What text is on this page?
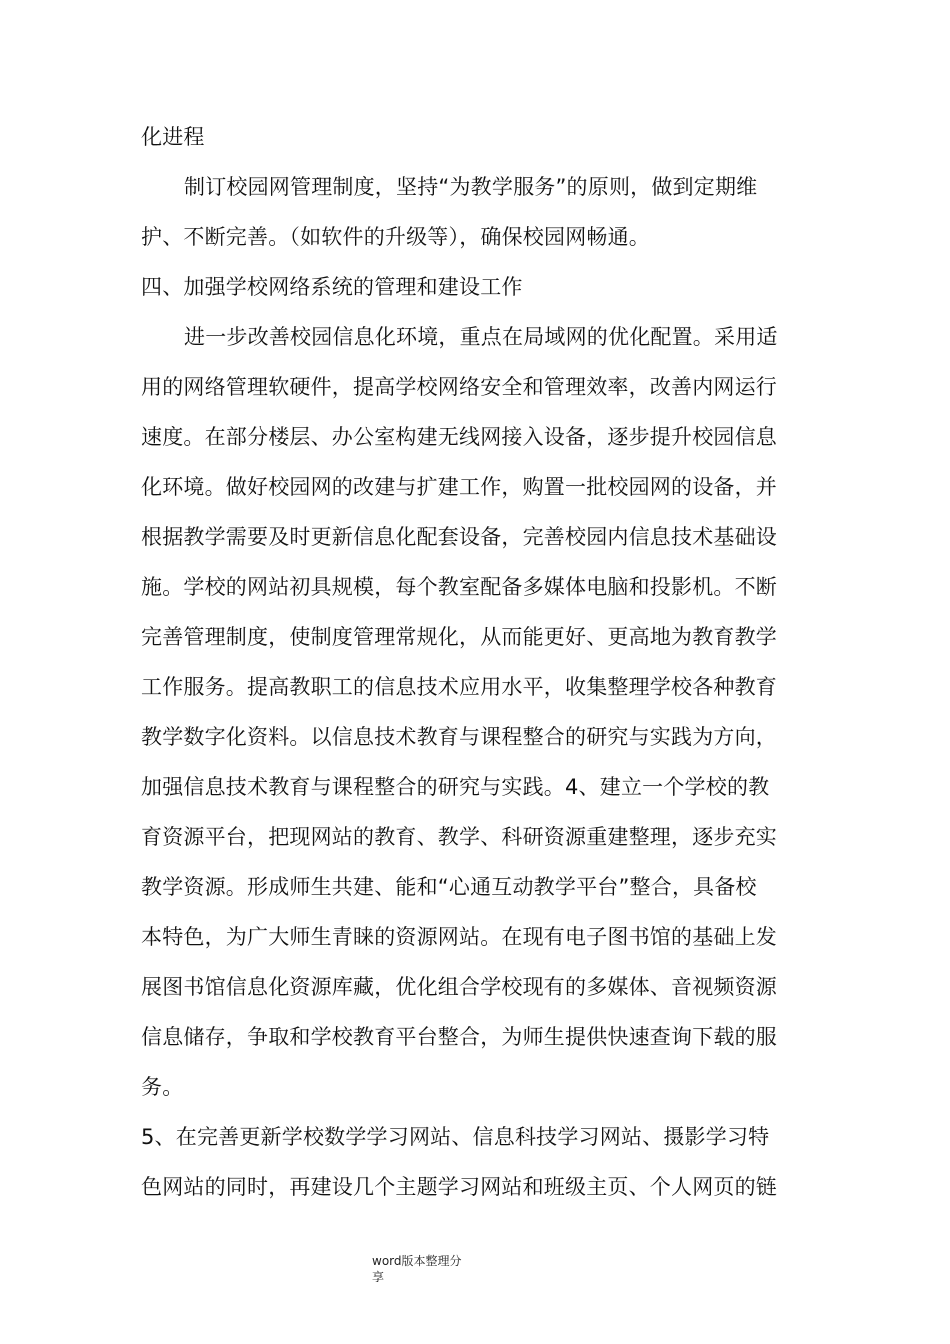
化进程
制订校园网管理制度，坚持“为教学服务”的原则，做到定期维
护、不断完善。（如软件的升级等），确保校园网畅通。
四、加强学校网络系统的管理和建设工作
进一步改善校园信息化环境，重点在局域网的优化配置。采用适
用的网络管理软硬件，提高学校网络安全和管理效率，改善内网运行
速度。在部分楼层、办公室构建无线网接入设备，逐步提升校园信息
化环境。做好校园网的改建与扩建工作，购置一批校园网的设备，并
根据教学需要及时更新信息化配套设备，完善校园内信息技术基础设
施。学校的网站初具规模，每个教室配备多媒体电脑和投影机。不断
完善管理制度，使制度管理常规化，从而能更好、更高地为教育教学
工作服务。提高教职工的信息技术应用水平，收集整理学校各种教育
教学数字化资料。以信息技术教育与课程整合的研究与实践为方向，
加强信息技术教育与课程整合的研究与实践。4、建立一个学校的教
育资源平台，把现网站的教育、教学、科研资源重建整理，逐步充实
教学资源。形成师生共建、能和“心通互动教学平台”整合，具备校
本特色，为广大师生青睐的资源网站。在现有电子图书馆的基础上发
展图书馆信息化资源库藏，优化组合学校现有的多媒体、音视频资源
信息储存，争取和学校教育平台整合，为师生提供快速查询下载的服
务。
5、在完善更新学校数学学习网站、信息科技学习网站、摄影学习特
色网站的同时，再建设几个主题学习网站和班级主页、个人网页的链
word版本整理分
享
